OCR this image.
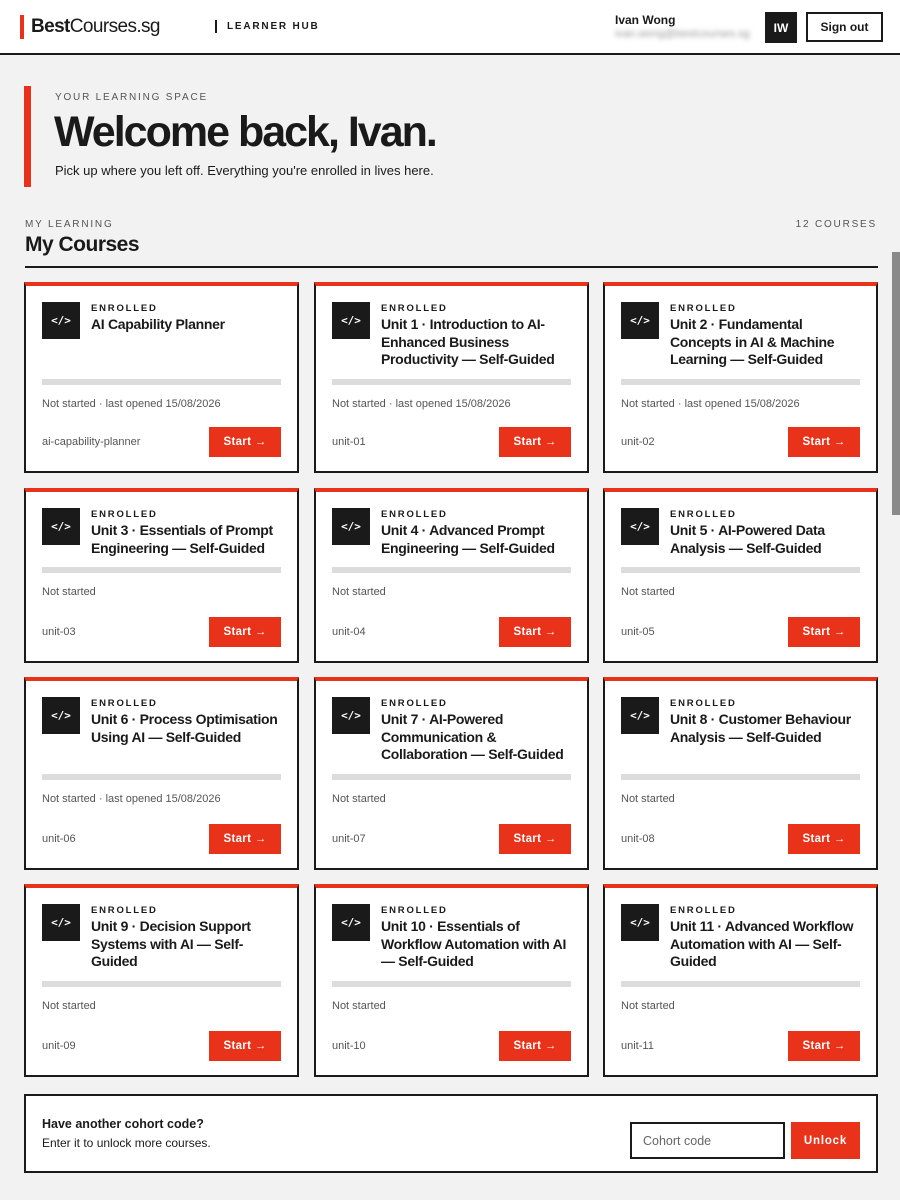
BestCourses.sg	LEARNER HUB	Ivan Wong
ivan.wong@bestcourses.sg	IW	Sign out
YOUR LEARNING SPACE
Welcome back, Ivan.

Pick up where you left off. Everything you're enrolled in lives here.

MY LEARNING	12 COURSES
My Courses
</>
ENROLLED
AI Capability Planner
Not started · last opened 15/08/2026
ai-capability-planner	Start →
</>
ENROLLED
Unit 1 · Introduction to AI-Enhanced Business Productivity — Self-Guided
Not started · last opened 15/08/2026
unit-01	Start →
</>
ENROLLED
Unit 2 · Fundamental Concepts in AI & Machine Learning — Self-Guided
Not started · last opened 15/08/2026
unit-02	Start →
</>
ENROLLED
Unit 3 · Essentials of Prompt Engineering — Self-Guided
Not started
unit-03	Start →
</>
ENROLLED
Unit 4 · Advanced Prompt Engineering — Self-Guided
Not started
unit-04	Start →
</>
ENROLLED
Unit 5 · AI-Powered Data Analysis — Self-Guided
Not started
unit-05	Start →
</>
ENROLLED
Unit 6 · Process Optimisation Using AI — Self-Guided
Not started · last opened 15/08/2026
unit-06	Start →
</>
ENROLLED
Unit 7 · AI-Powered Communication & Collaboration — Self-Guided
Not started
unit-07	Start →
</>
ENROLLED
Unit 8 · Customer Behaviour Analysis — Self-Guided
Not started
unit-08	Start →
</>
ENROLLED
Unit 9 · Decision Support Systems with AI — Self-Guided
Not started
unit-09	Start →
</>
ENROLLED
Unit 10 · Essentials of Workflow Automation with AI — Self-Guided
Not started
unit-10	Start →
</>
ENROLLED
Unit 11 · Advanced Workflow Automation with AI — Self-Guided
Not started
unit-11	Start →
Have another cohort code?
Enter it to unlock more courses.
Cohort code	Unlock
